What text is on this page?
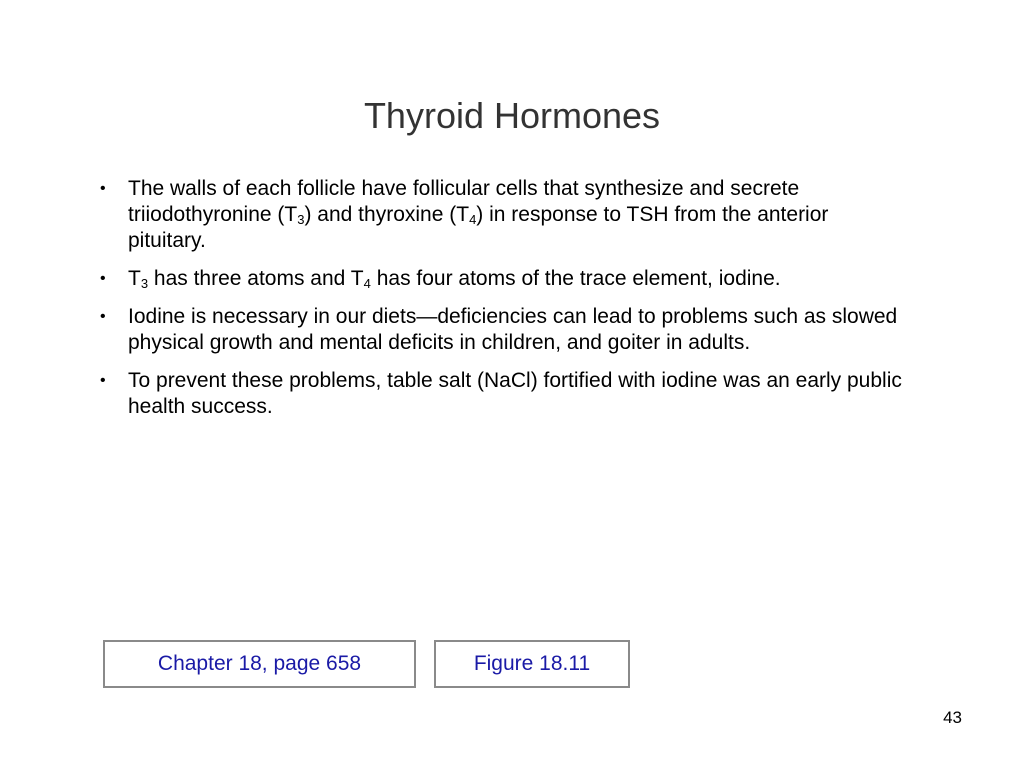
Thyroid Hormones
•	The walls of each follicle have follicular cells that synthesize and secrete triiodothyronine $(T_3)$ and thyroxine $(T_4)$ in response to TSH from the anterior pituitary.
•	$T_3$ has three atoms and $T_4$ has four atoms of the trace element, iodine.
•	Iodine is necessary in our diets—deficiencies can lead to problems such as slowed physical growth and mental deficits in children, and goiter in adults.
•	To prevent these problems, table salt (NaCl) fortified with iodine was an early public health success.
Chapter 18, page 658	Figure 18.11
43
